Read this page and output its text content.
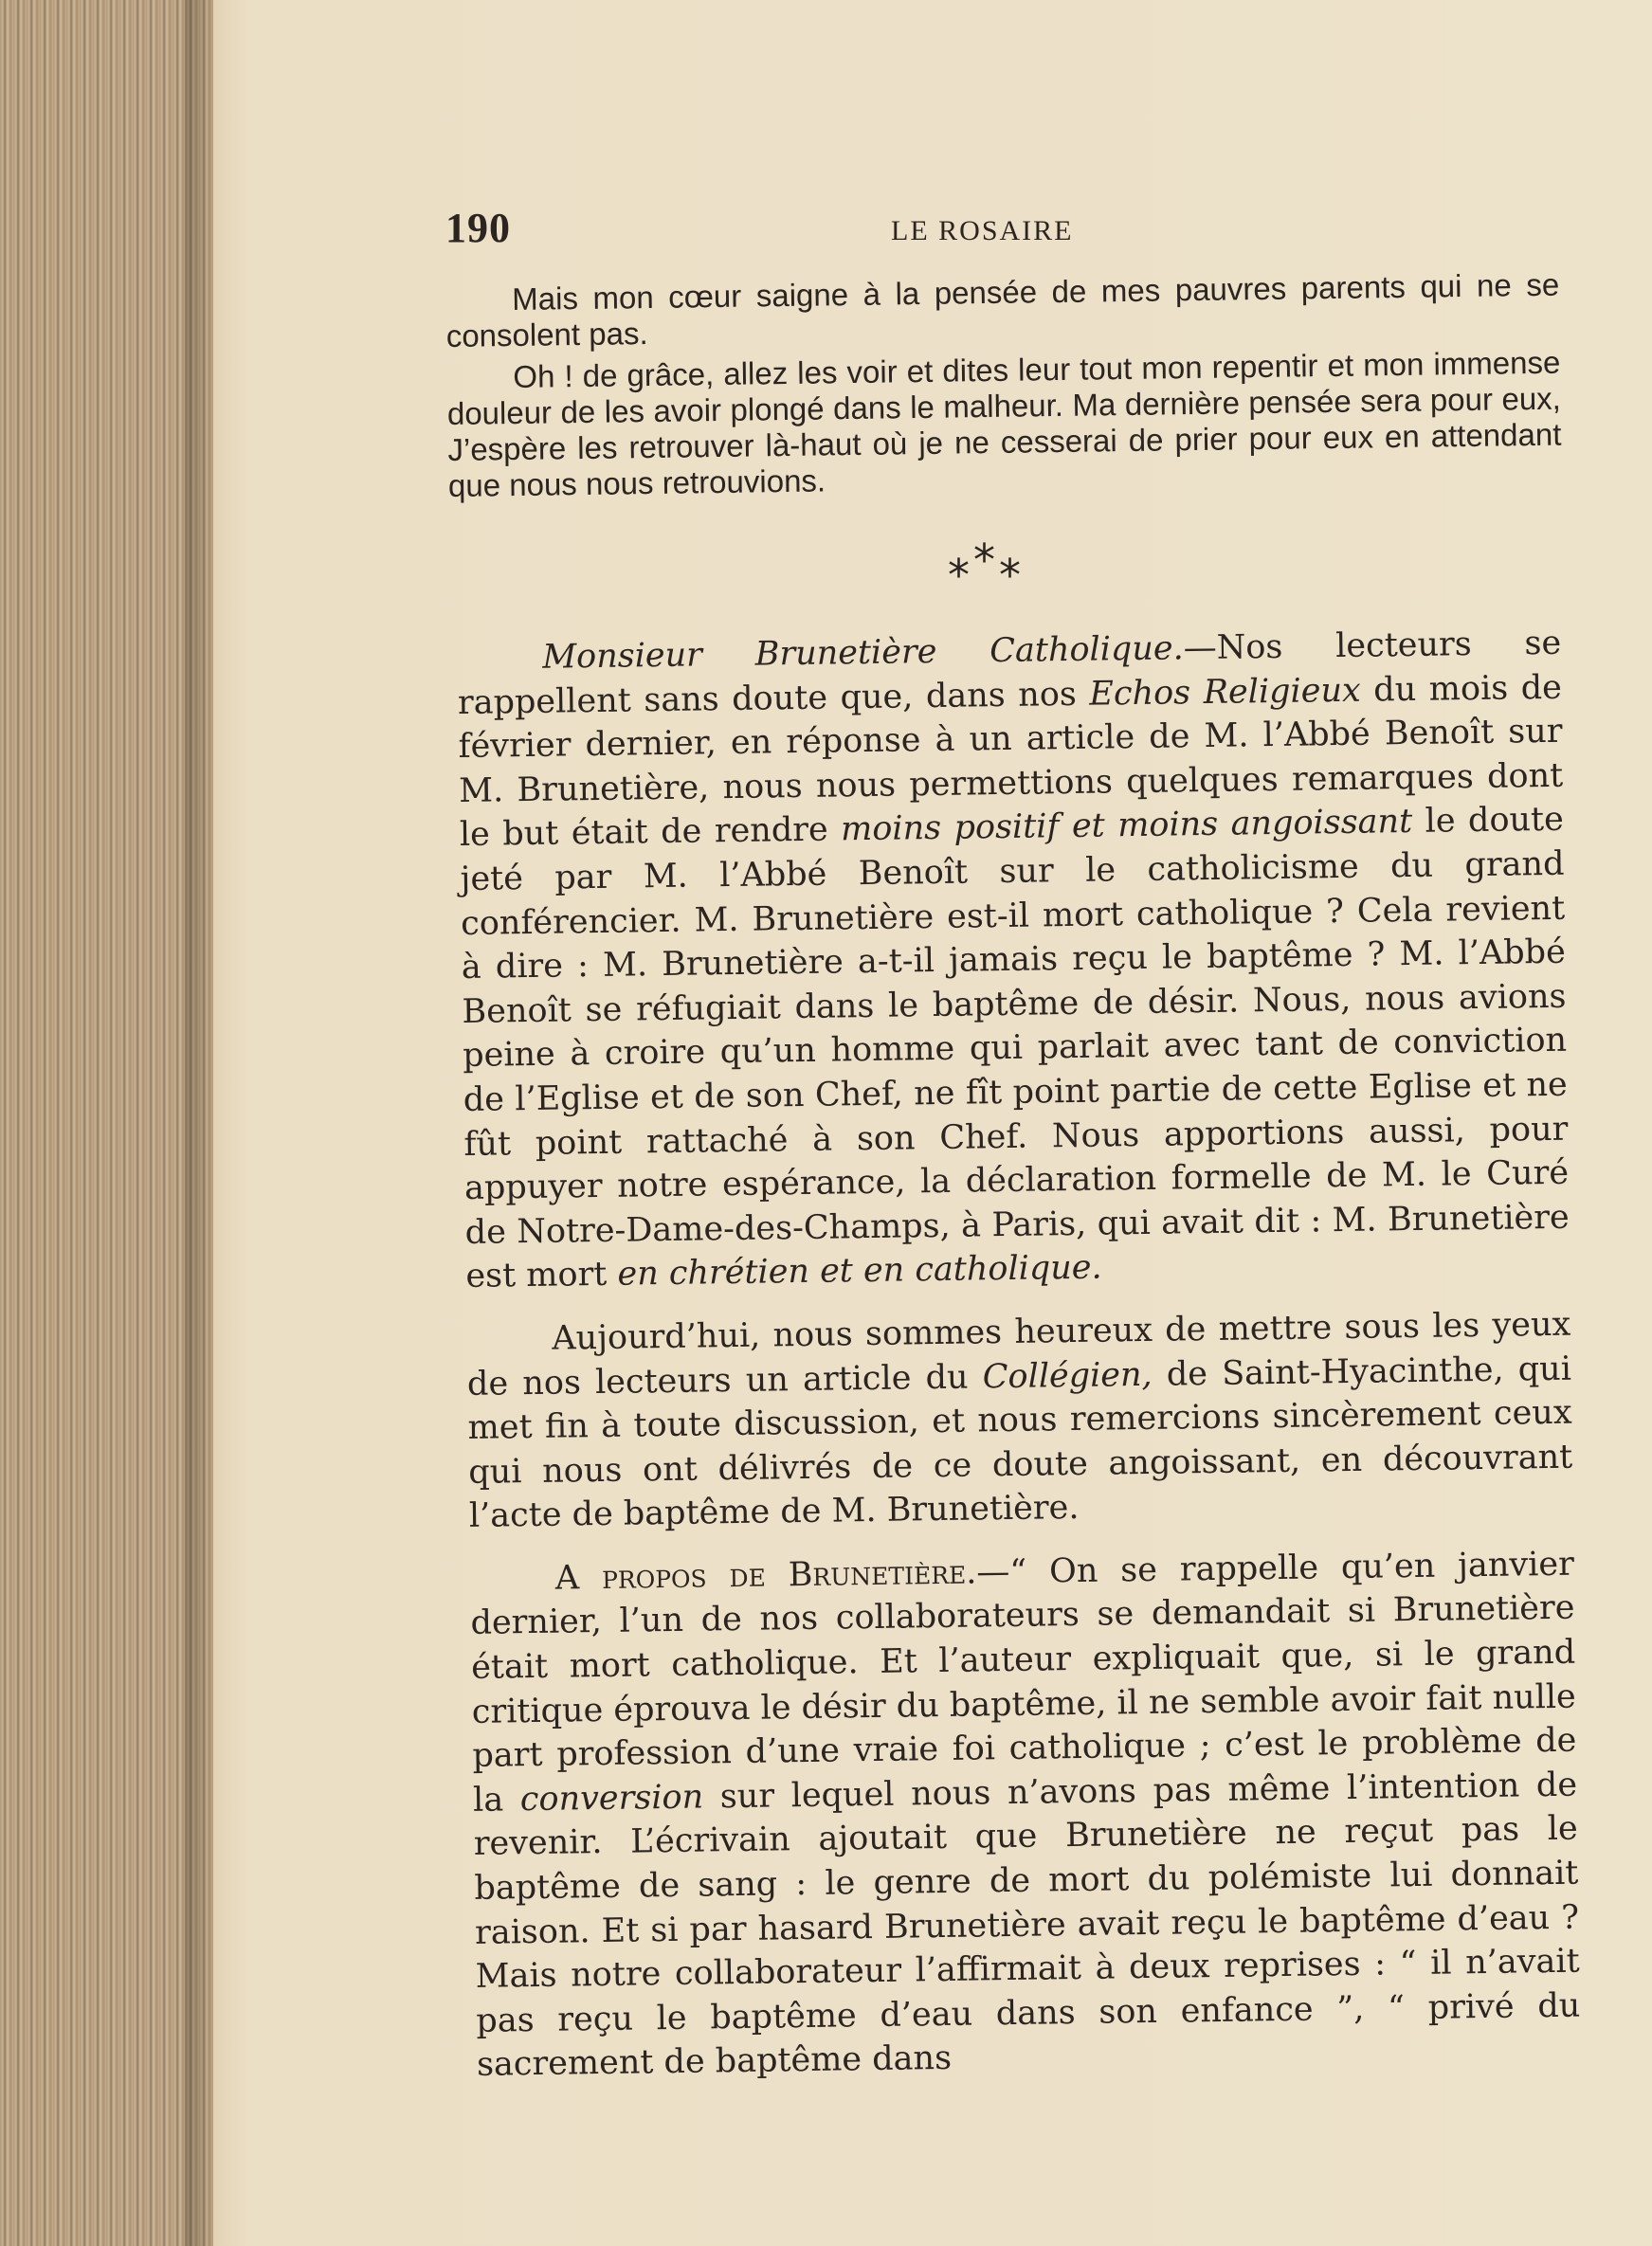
190	LE ROSAIRE

Mais mon cœur saigne à la pensée de mes pauvres parents qui ne se consolent pas.

Oh ! de grâce, allez les voir et dites leur tout mon repentir et mon immense douleur de les avoir plongé dans le malheur. Ma dernière pensée sera pour eux, J’espère les retrouver là-haut où je ne cesserai de prier pour eux en attendant que nous nous retrouvions.

***

Monsieur Brunetière Catholique.—Nos lecteurs se rappellent sans doute que, dans nos Echos Religieux du mois de février dernier, en réponse à un article de M. l’Abbé Benoît sur M. Brunetière, nous nous permettions quelques remarques dont le but était de rendre moins positif et moins angoissant le doute jeté par M. l’Abbé Benoît sur le catholicisme du grand conférencier. M. Brunetière est-il mort catholique ? Cela revient à dire : M. Brunetière a-t-il jamais reçu le baptême ? M. l’Abbé Benoît se réfugiait dans le baptême de désir. Nous, nous avions peine à croire qu’un homme qui parlait avec tant de conviction de l’Eglise et de son Chef, ne fît point partie de cette Eglise et ne fût point rattaché à son Chef. Nous apportions aussi, pour appuyer notre espérance, la déclaration formelle de M. le Curé de Notre-Dame-des-Champs, à Paris, qui avait dit : M. Brunetière est mort en chrétien et en catholique.

Aujourd’hui, nous sommes heureux de mettre sous les yeux de nos lecteurs un article du Collégien, de Saint-Hyacinthe, qui met fin à toute discussion, et nous remercions sincèrement ceux qui nous ont délivrés de ce doute angoissant, en découvrant l’acte de baptême de M. Brunetière.

A propos de Brunetière.—“ On se rappelle qu’en janvier dernier, l’un de nos collaborateurs se demandait si Brunetière était mort catholique. Et l’auteur expliquait que, si le grand critique éprouva le désir du baptême, il ne semble avoir fait nulle part profession d’une vraie foi catholique ; c’est le problème de la conversion sur lequel nous n’avons pas même l’intention de revenir. L’écrivain ajoutait que Brunetière ne reçut pas le baptême de sang : le genre de mort du polémiste lui donnait raison. Et si par hasard Brunetière avait reçu le baptême d’eau ? Mais notre collaborateur l’affirmait à deux reprises : “ il n’avait pas reçu le baptême d’eau dans son enfance ”, “ privé du sacrement de baptême dans
